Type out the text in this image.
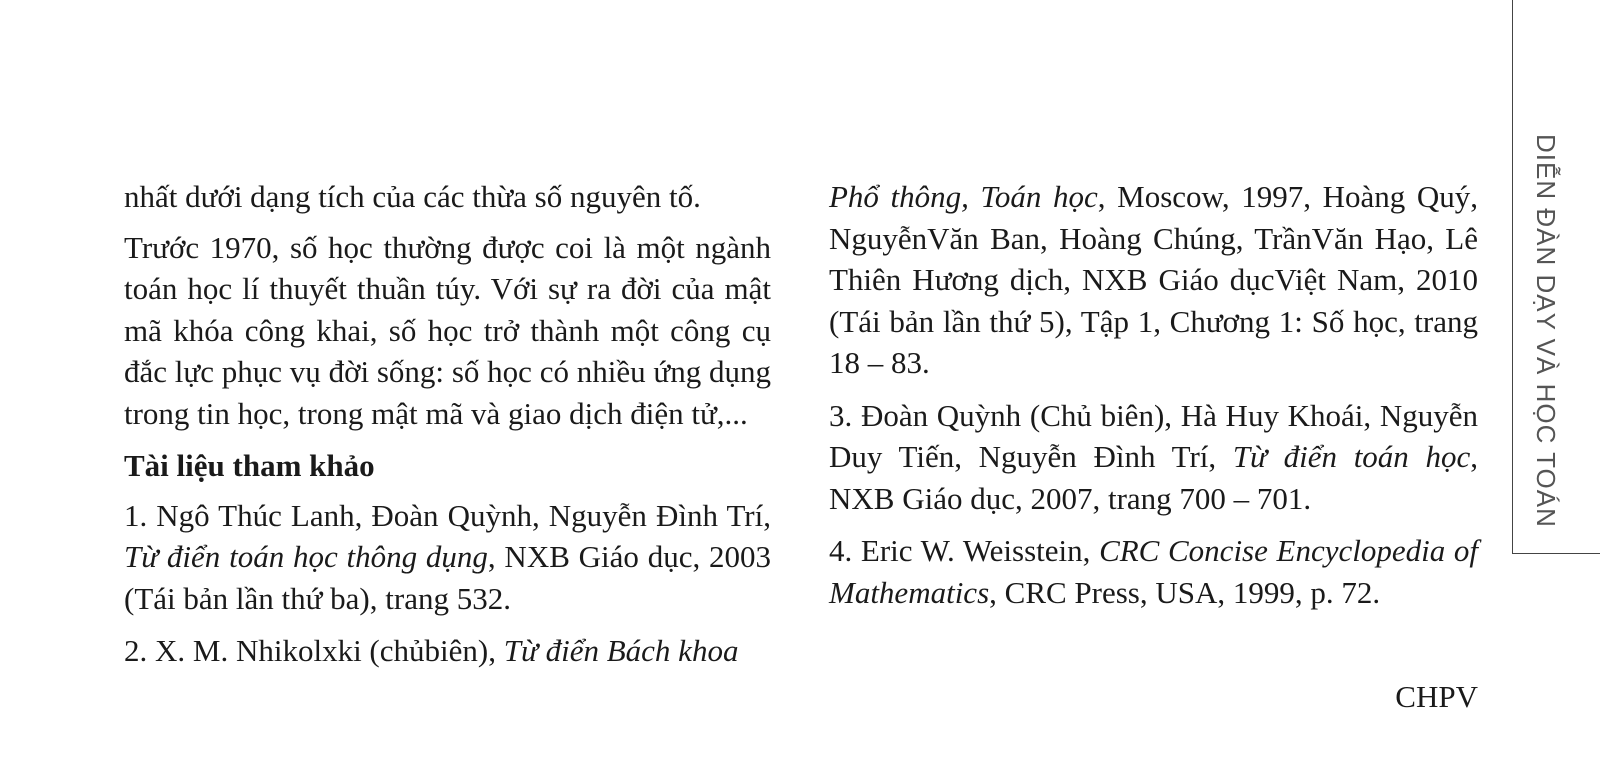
nhất dưới dạng tích của các thừa số nguyên tố.

Trước 1970, số học thường được coi là một ngành toán học lí thuyết thuần túy. Với sự ra đời của mật mã khóa công khai, số học trở thành một công cụ đắc lực phục vụ đời sống: số học có nhiều ứng dụng trong tin học, trong mật mã và giao dịch điện tử,...

Tài liệu tham khảo

1. Ngô Thúc Lanh, Đoàn Quỳnh, Nguyễn Đình Trí, Từ điển toán học thông dụng, NXB Giáo dục, 2003 (Tái bản lần thứ ba), trang 532.

2. X. M. Nhikolxki (chủbiên), Từ điển Bách khoa

Phổ thông, Toán học, Moscow, 1997, Hoàng Quý, NguyễnVăn Ban, Hoàng Chúng, TrầnVăn Hạo, Lê Thiên Hương dịch, NXB Giáo dụcViệt Nam, 2010 (Tái bản lần thứ 5), Tập 1, Chương 1: Số học, trang 18 – 83.

3. Đoàn Quỳnh (Chủ biên), Hà Huy Khoái, Nguyễn Duy Tiến, Nguyễn Đình Trí, Từ điển toán học, NXB Giáo dục, 2007, trang 700 – 701.

4. Eric W. Weisstein, CRC Concise Encyclopedia of Mathematics, CRC Press, USA, 1999, p. 72.

CHPV
DIỄN ĐÀN DẠY VÀ HỌC TOÁN
